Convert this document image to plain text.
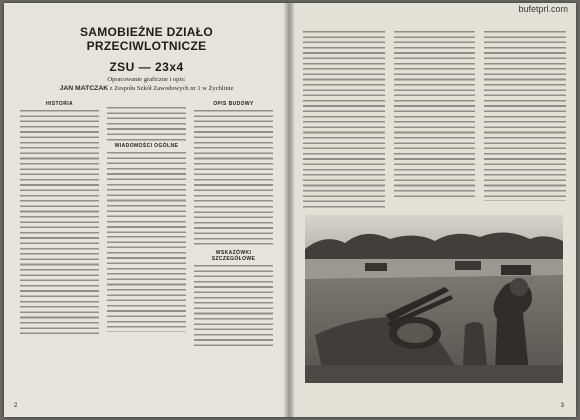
SAMOBIEŻNE DZIAŁO PRZECIWLOTNICZE
ZSU — 23x4
Opracowanie graficzne i opis:
JAN MATCZAK z Zespołu Szkół Zawodowych nr 1 w Żychlinie
HISTORIA
WIADOMOŚCI OGÓLNE
OPIS BUDOWY
WSKAZÓWKI SZCZEGÓŁOWE
2
bufetprl.com
3
